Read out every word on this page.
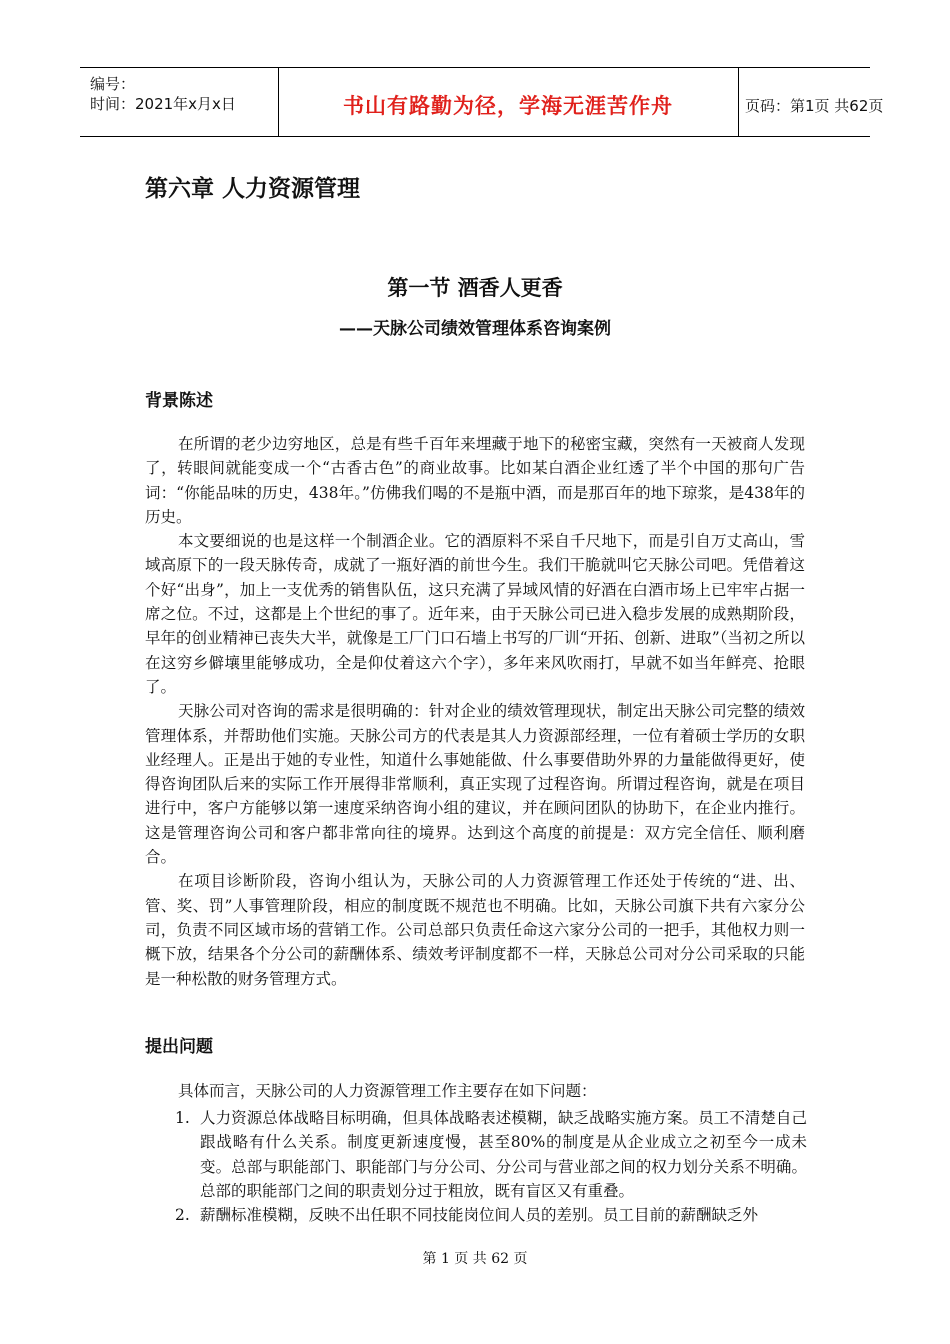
编号：
时间：2021年x月x日	书山有路勤为径，学海无涯苦作舟	页码：第1页 共62页
第六章 人力资源管理
第一节 酒香人更香
——天脉公司绩效管理体系咨询案例
背景陈述

在所谓的老少边穷地区，总是有些千百年来埋藏于地下的秘密宝藏，突然有一天被商人发现了，转眼间就能变成一个“古香古色”的商业故事。比如某白酒企业红透了半个中国的那句广告词：“你能品味的历史，438年。”仿佛我们喝的不是瓶中酒，而是那百年的地下琼浆，是438年的历史。

本文要细说的也是这样一个制酒企业。它的酒原料不采自千尺地下，而是引自万丈高山，雪域高原下的一段天脉传奇，成就了一瓶好酒的前世今生。我们干脆就叫它天脉公司吧。凭借着这个好“出身”，加上一支优秀的销售队伍，这只充满了异域风情的好酒在白酒市场上已牢牢占据一席之位。不过，这都是上个世纪的事了。近年来，由于天脉公司已进入稳步发展的成熟期阶段，早年的创业精神已丧失大半，就像是工厂门口石墙上书写的厂训“开拓、创新、进取”（当初之所以在这穷乡僻壤里能够成功，全是仰仗着这六个字），多年来风吹雨打，早就不如当年鲜亮、抢眼了。

天脉公司对咨询的需求是很明确的：针对企业的绩效管理现状，制定出天脉公司完整的绩效管理体系，并帮助他们实施。天脉公司方的代表是其人力资源部经理，一位有着硕士学历的女职业经理人。正是出于她的专业性，知道什么事她能做、什么事要借助外界的力量能做得更好，使得咨询团队后来的实际工作开展得非常顺利，真正实现了过程咨询。所谓过程咨询，就是在项目进行中，客户方能够以第一速度采纳咨询小组的建议，并在顾问团队的协助下，在企业内推行。这是管理咨询公司和客户都非常向往的境界。达到这个高度的前提是：双方完全信任、顺利磨合。

在项目诊断阶段，咨询小组认为，天脉公司的人力资源管理工作还处于传统的“进、出、管、奖、罚”人事管理阶段，相应的制度既不规范也不明确。比如，天脉公司旗下共有六家分公司，负责不同区域市场的营销工作。公司总部只负责任命这六家分公司的一把手，其他权力则一概下放，结果各个分公司的薪酬体系、绩效考评制度都不一样，天脉总公司对分公司采取的只能是一种松散的财务管理方式。

提出问题
具体而言，天脉公司的人力资源管理工作主要存在如下问题：
1. 人力资源总体战略目标明确，但具体战略表述模糊，缺乏战略实施方案。员工不清楚自己跟战略有什么关系。制度更新速度慢，甚至80%的制度是从企业成立之初至今一成未变。总部与职能部门、职能部门与分公司、分公司与营业部之间的权力划分关系不明确。总部的职能部门之间的职责划分过于粗放，既有盲区又有重叠。
2. 薪酬标准模糊，反映不出任职不同技能岗位间人员的差别。员工目前的薪酬缺乏外
第 1 页 共 62 页
